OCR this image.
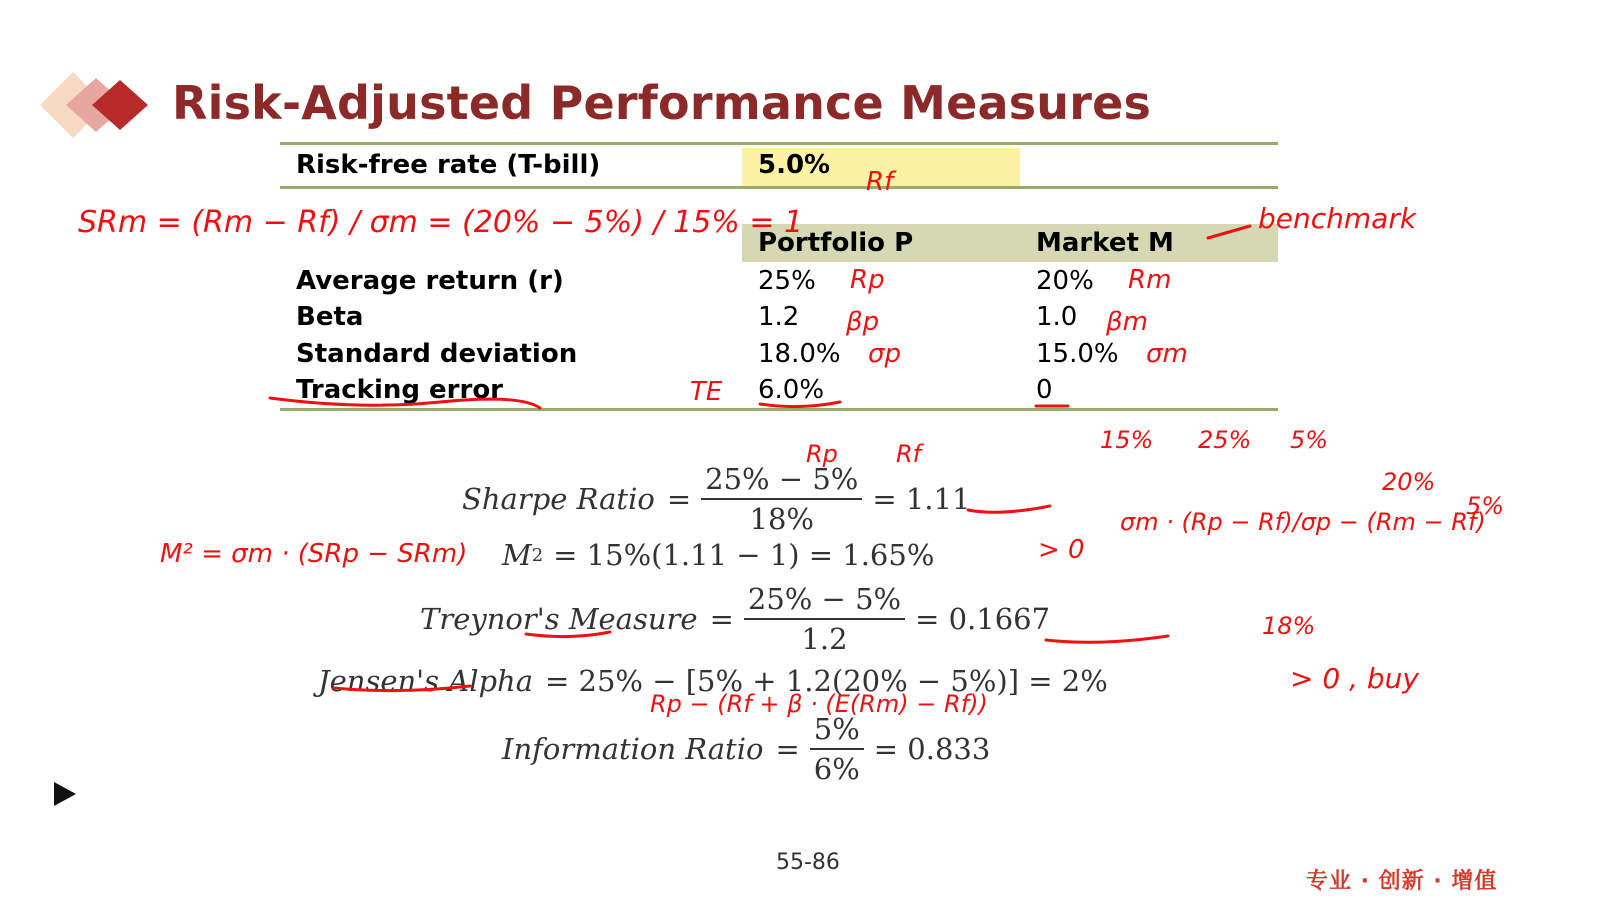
Risk-Adjusted Performance Measures
Risk-free rate (T-bill)	5.0%
Portfolio P	Market M
Average return (r)	25%	20%
Beta	1.2	1.0
Standard deviation	18.0%	15.0%
Tracking error	6.0%	0
Sharpe Ratio = $\frac{25\% - 5\%}{18\%} = 1.11$
M 2 = 15%(1.11 − 1) = 1.65%
Treynor's Measure = $\frac{25\% - 5\%}{1.2} = 0.1667$
Jensen's Alpha = 25% − [5% + 1.2(20% − 5%)] = 2%
Information Ratio = $\frac{5\%}{6\%} = 0.833$
55-86
专业 · 创新 · 增值
SRm = (Rm − Rf) / σm = (20% − 5%) / 15% = 1
Rf
benchmark
Rp	Rm
βp	βm
σp	σm
TE
Rp Rf
M² = σm · (SRp − SRm)	> 0
15% 25% 5%
20%
5%
σm · (Rp − Rf)/σp − (Rm − Rf)
18%
Rp − (Rf + β · (E(Rm) − Rf))
> 0 , buy
